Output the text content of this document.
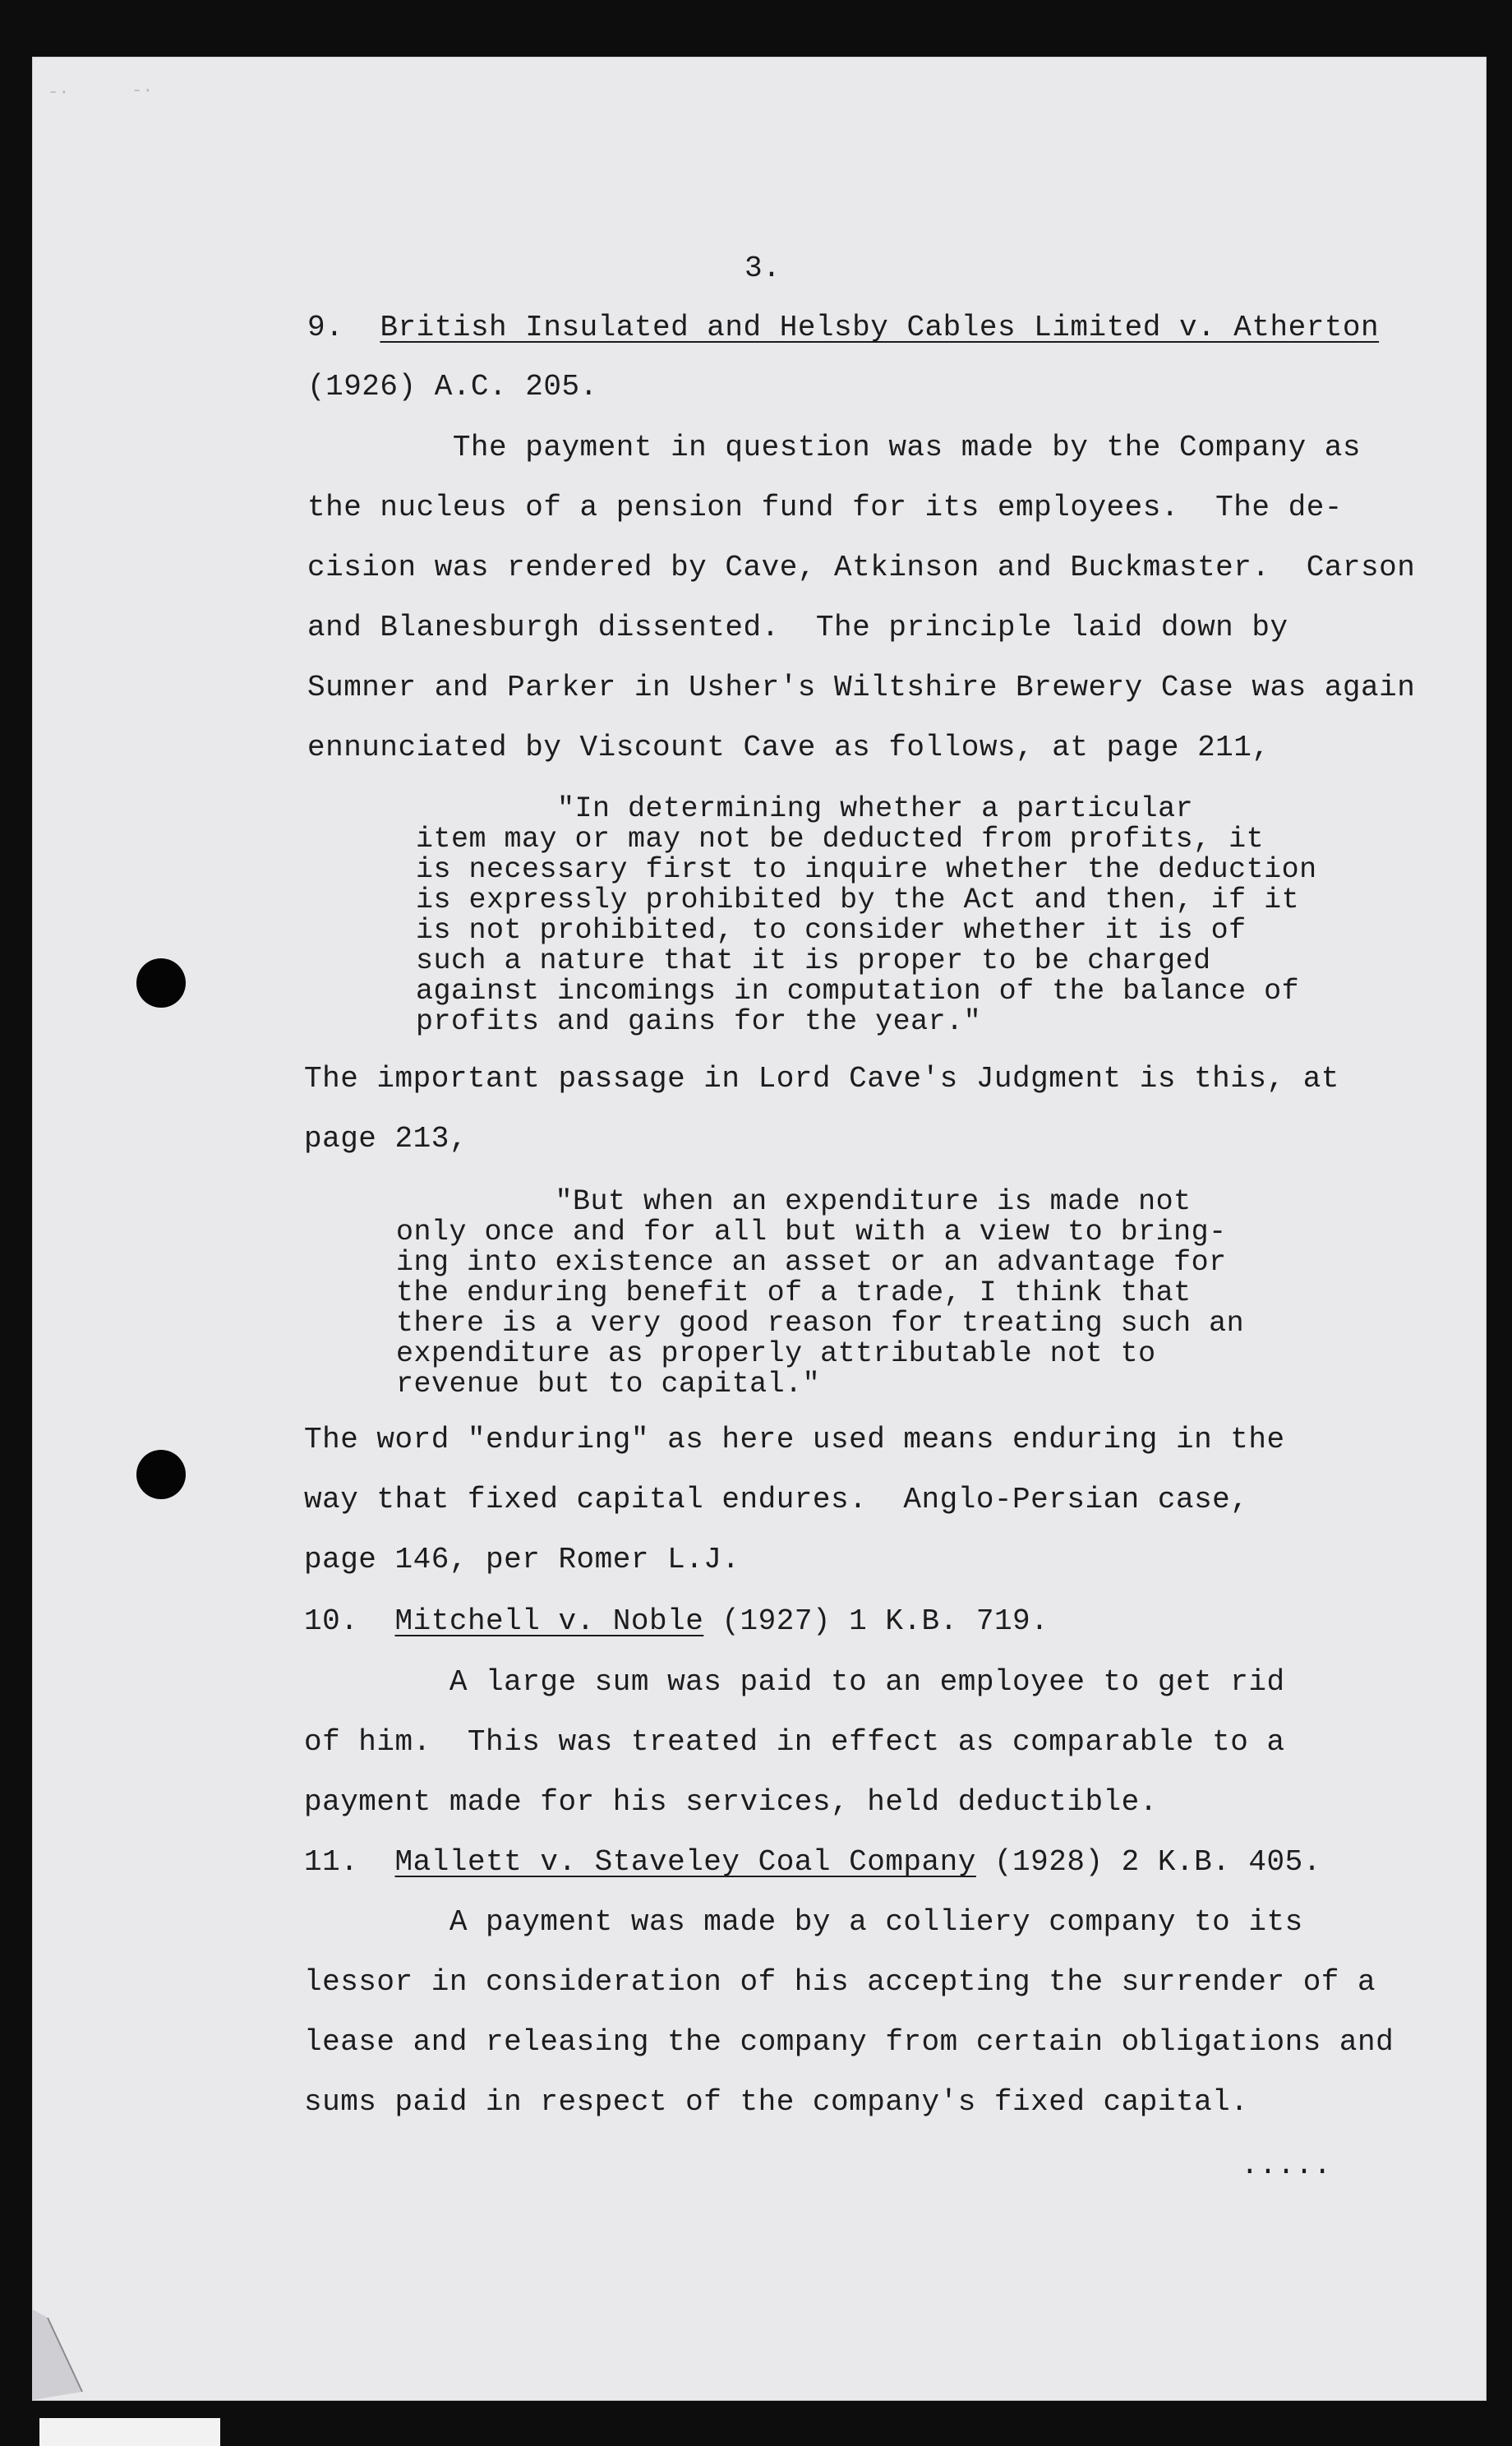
-·	-·
3.
9. British Insulated and Helsby Cables Limited v. Atherton
(1926) A.C. 205.
The payment in question was made by the Company as
the nucleus of a pension fund for its employees.  The de-
cision was rendered by Cave, Atkinson and Buckmaster.  Carson
and Blanesburgh dissented.  The principle laid down by
Sumner and Parker in Usher's Wiltshire Brewery Case was again
ennunciated by Viscount Cave as follows, at page 211,
"In determining whether a particular
item may or may not be deducted from profits, it
is necessary first to inquire whether the deduction
is expressly prohibited by the Act and then, if it
is not prohibited, to consider whether it is of
such a nature that it is proper to be charged
against incomings in computation of the balance of
profits and gains for the year."
The important passage in Lord Cave's Judgment is this, at
page 213,
"But when an expenditure is made not
only once and for all but with a view to bring-
ing into existence an asset or an advantage for
the enduring benefit of a trade, I think that
there is a very good reason for treating such an
expenditure as properly attributable not to
revenue but to capital."
The word "enduring" as here used means enduring in the
way that fixed capital endures.  Anglo-Persian case,
page 146, per Romer L.J.
10. Mitchell v. Noble (1927) 1 K.B. 719.
A large sum was paid to an employee to get rid
of him.  This was treated in effect as comparable to a
payment made for his services, held deductible.
11. Mallett v. Staveley Coal Company (1928) 2 K.B. 405.
A payment was made by a colliery company to its
lessor in consideration of his accepting the surrender of a
lease and releasing the company from certain obligations and
sums paid in respect of the company's fixed capital.
.....
